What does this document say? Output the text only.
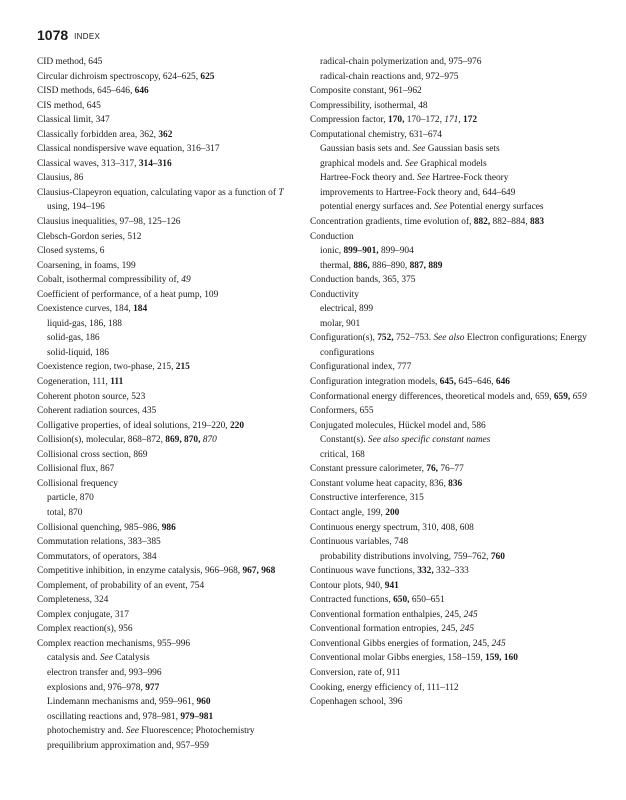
1078 INDEX
CID method, 645
Circular dichroism spectroscopy, 624–625, 625
CISD methods, 645–646, 646
CIS method, 645
Classical limit, 347
Classically forbidden area, 362, 362
Classical nondispersive wave equation, 316–317
Classical waves, 313–317, 314–316
Clausius, 86
Clausius-Clapeyron equation, calculating vapor as a function of T using, 194–196
Clausius inequalities, 97–98, 125–126
Clebsch-Gordon series, 512
Closed systems, 6
Coarsening, in foams, 199
Cobalt, isothermal compressibility of, 49
Coefficient of performance, of a heat pump, 109
Coexistence curves, 184, 184
liquid-gas, 186, 188
solid-gas, 186
solid-liquid, 186
Coexistence region, two-phase, 215, 215
Cogeneration, 111, 111
Coherent photon source, 523
Coherent radiation sources, 435
Colligative properties, of ideal solutions, 219–220, 220
Collision(s), molecular, 868–872, 869, 870, 870
Collisional cross section, 869
Collisional flux, 867
Collisional frequency
particle, 870
total, 870
Collisional quenching, 985–986, 986
Commutation relations, 383–385
Commutators, of operators, 384
Competitive inhibition, in enzyme catalysis, 966–968, 967, 968
Complement, of probability of an event, 754
Completeness, 324
Complex conjugate, 317
Complex reaction(s), 956
Complex reaction mechanisms, 955–996
catalysis and. See Catalysis
electron transfer and, 993–996
explosions and, 976–978, 977
Lindemann mechanisms and, 959–961, 960
oscillating reactions and, 978–981, 979–981
photochemistry and. See Fluorescence; Photochemistry
prequilibrium approximation and, 957–959
radical-chain polymerization and, 975–976
radical-chain reactions and, 972–975
Composite constant, 961–962
Compressibility, isothermal, 48
Compression factor, 170, 170–172, 171, 172
Computational chemistry, 631–674
Gaussian basis sets and. See Gaussian basis sets
graphical models and. See Graphical models
Hartree-Fock theory and. See Hartree-Fock theory
improvements to Hartree-Fock theory and, 644–649
potential energy surfaces and. See Potential energy surfaces
Concentration gradients, time evolution of, 882, 882–884, 883
Conduction
ionic, 899–901, 899–904
thermal, 886, 886–890, 887, 889
Conduction bands, 365, 375
Conductivity
electrical, 899
molar, 901
Configuration(s), 752, 752–753. See also Electron configurations; Energy configurations
Configurational index, 777
Configuration integration models, 645, 645–646, 646
Conformational energy differences, theoretical models and, 659, 659, 659
Conformers, 655
Conjugated molecules, Hückel model and, 586
Constant(s). See also specific constant names
critical, 168
Constant pressure calorimeter, 76, 76–77
Constant volume heat capacity, 836, 836
Constructive interference, 315
Contact angle, 199, 200
Continuous energy spectrum, 310, 408, 608
Continuous variables, 748
probability distributions involving, 759–762, 760
Continuous wave functions, 332, 332–333
Contour plots, 940, 941
Contracted functions, 650, 650–651
Conventional formation enthalpies, 245, 245
Conventional formation entropies, 245, 245
Conventional Gibbs energies of formation, 245, 245
Conventional molar Gibbs energies, 158–159, 159, 160
Conversion, rate of, 911
Cooking, energy efficiency of, 111–112
Copenhagen school, 396
